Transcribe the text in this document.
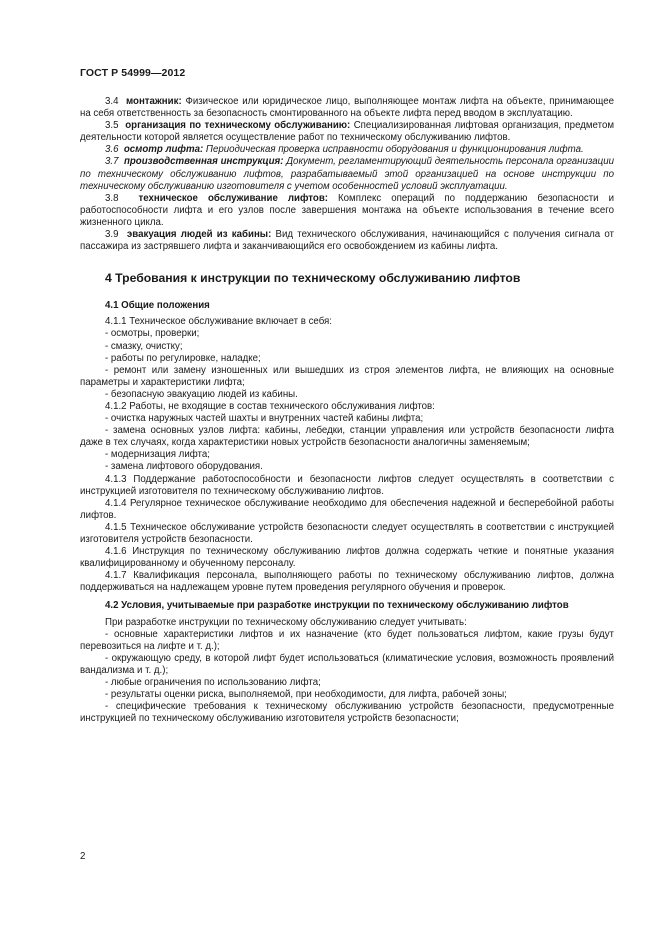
ГОСТ Р 54999—2012

3.4 монтажник: Физическое или юридическое лицо, выполняющее монтаж лифта на объекте, принимающее на себя ответственность за безопасность смонтированного на объекте лифта перед вводом в эксплуатацию.

3.5 организация по техническому обслуживанию: Специализированная лифтовая организация, предметом деятельности которой является осуществление работ по техническому обслуживанию лифтов.

3.6 осмотр лифта: Периодическая проверка исправности оборудования и функционирования лифта.

3.7 производственная инструкция: Документ, регламентирующий деятельность персонала организации по техническому обслуживанию лифтов, разрабатываемый этой организацией на основе инструкции по техническому обслуживанию изготовителя с учетом особенностей условий эксплуатации.

3.8 техническое обслуживание лифтов: Комплекс операций по поддержанию безопасности и работоспособности лифта и его узлов после завершения монтажа на объекте использования в течение всего жизненного цикла.

3.9 эвакуация людей из кабины: Вид технического обслуживания, начинающийся с получения сигнала от пассажира из застрявшего лифта и заканчивающийся его освобождением из кабины лифта.

4 Требования к инструкции по техническому обслуживанию лифтов

4.1 Общие положения

4.1.1 Техническое обслуживание включает в себя:

- осмотры, проверки;

- смазку, очистку;

- работы по регулировке, наладке;

- ремонт или замену изношенных или вышедших из строя элементов лифта, не влияющих на основные параметры и характеристики лифта;

- безопасную эвакуацию людей из кабины.

4.1.2 Работы, не входящие в состав технического обслуживания лифтов:

- очистка наружных частей шахты и внутренних частей кабины лифта;

- замена основных узлов лифта: кабины, лебедки, станции управления или устройств безопасности лифта даже в тех случаях, когда характеристики новых устройств безопасности аналогичны заменяемым;

- модернизация лифта;

- замена лифтового оборудования.

4.1.3 Поддержание работоспособности и безопасности лифтов следует осуществлять в соответствии с инструкцией изготовителя по техническому обслуживанию лифтов.

4.1.4 Регулярное техническое обслуживание необходимо для обеспечения надежной и бесперебойной работы лифтов.

4.1.5 Техническое обслуживание устройств безопасности следует осуществлять в соответствии с инструкцией изготовителя устройств безопасности.

4.1.6 Инструкция по техническому обслуживанию лифтов должна содержать четкие и понятные указания квалифицированному и обученному персоналу.

4.1.7 Квалификация персонала, выполняющего работы по техническому обслуживанию лифтов, должна поддерживаться на надлежащем уровне путем проведения регулярного обучения и проверок.

4.2 Условия, учитываемые при разработке инструкции по техническому обслуживанию лифтов

При разработке инструкции по техническому обслуживанию следует учитывать:

- основные характеристики лифтов и их назначение (кто будет пользоваться лифтом, какие грузы будут перевозиться на лифте и т. д.);

- окружающую среду, в которой лифт будет использоваться (климатические условия, возможность проявлений вандализма и т. д.);

- любые ограничения по использованию лифта;

- результаты оценки риска, выполняемой, при необходимости, для лифта, рабочей зоны;

- специфические требования к техническому обслуживанию устройств безопасности, предусмотренные инструкцией по техническому обслуживанию изготовителя устройств безопасности;

2
